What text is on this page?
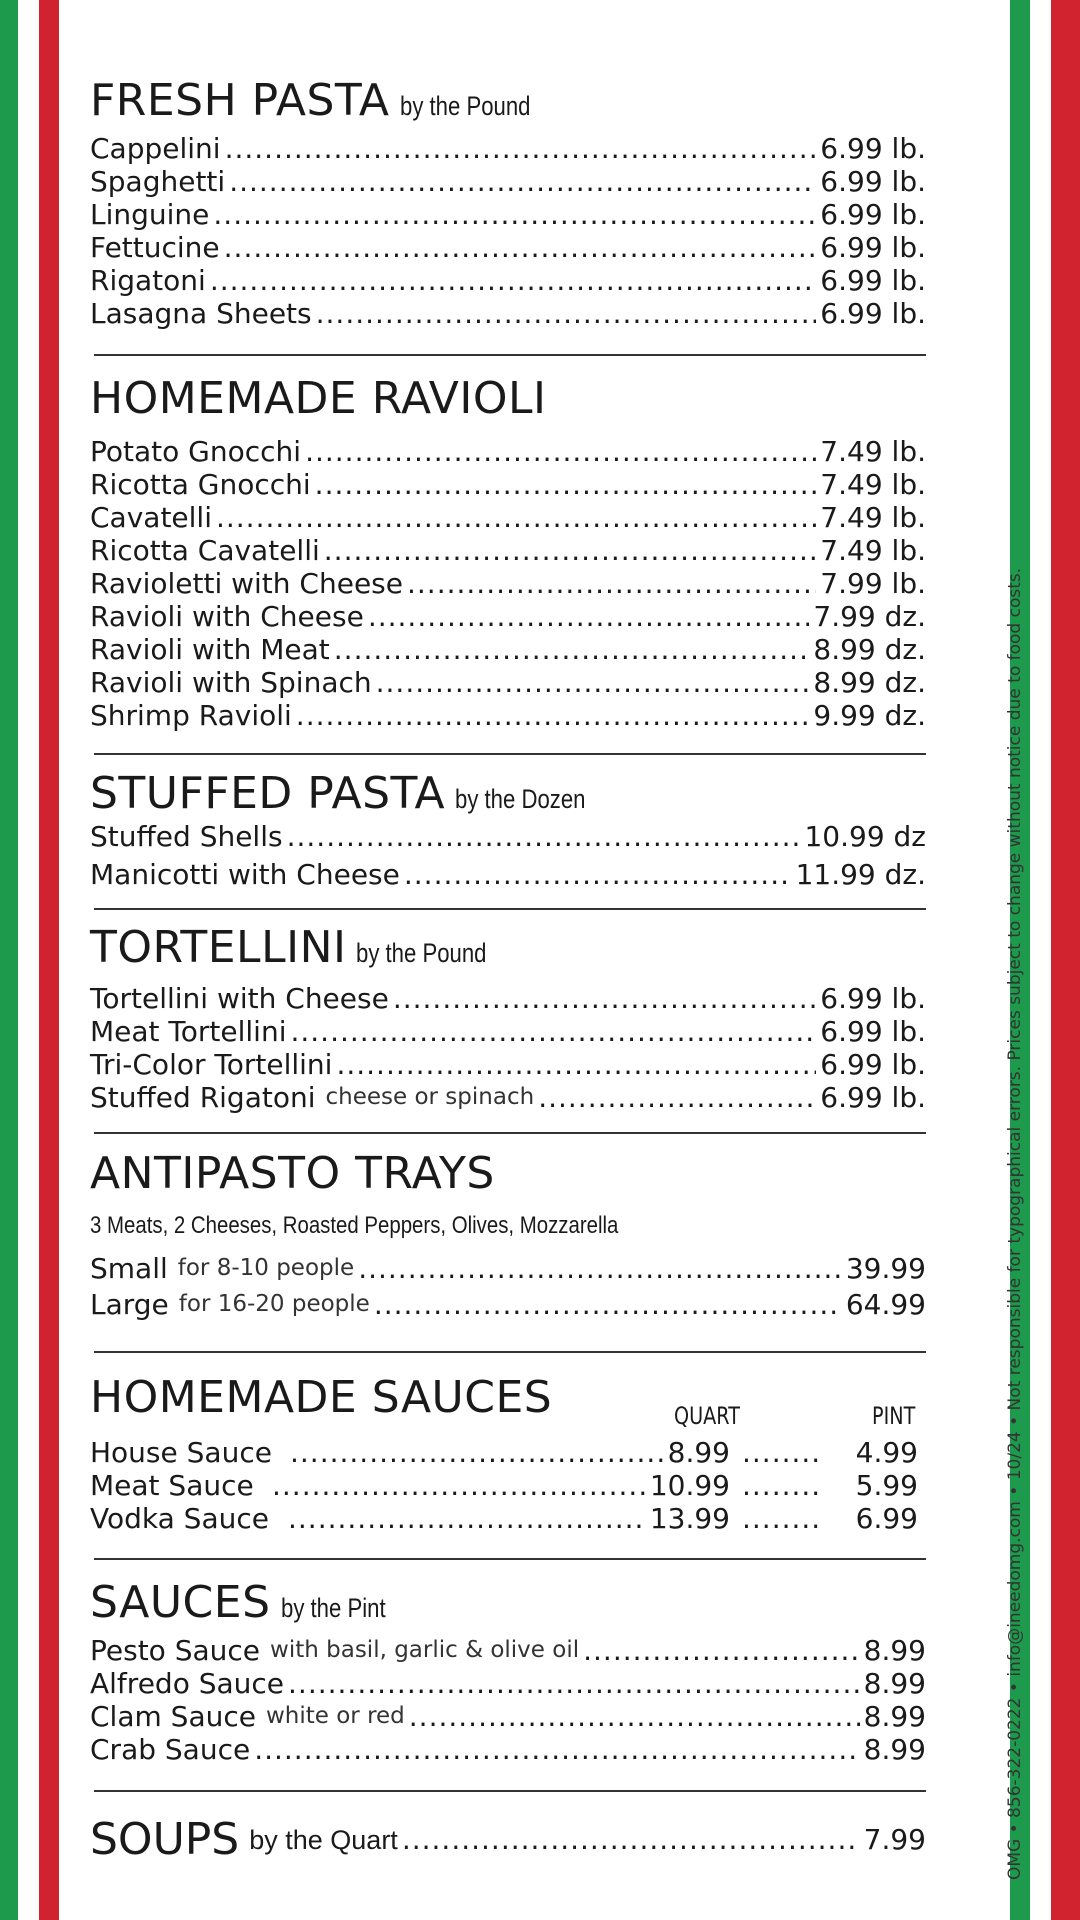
FRESH PASTA by the Pound
Cappelini .....	6.99 lb.
Spaghetti .....	6.99 lb.
Linguine .....	6.99 lb.
Fettucine .....	6.99 lb.
Rigatoni .....	6.99 lb.
Lasagna Sheets .....	6.99 lb.
HOMEMADE RAVIOLI
Potato Gnocchi .....	7.49 lb.
Ricotta Gnocchi .....	7.49 lb.
Cavatelli .....	7.49 lb.
Ricotta Cavatelli .....	7.49 lb.
Ravioletti with Cheese .....	7.99 lb.
Ravioli with Cheese .....	7.99 dz.
Ravioli with Meat .....	8.99 dz.
Ravioli with Spinach .....	8.99 dz.
Shrimp Ravioli .....	9.99 dz.
STUFFED PASTA by the Dozen
Stuffed Shells .....	10.99 dz
Manicotti with Cheese .....	11.99 dz.
TORTELLINI by the Pound
Tortellini with Cheese .....	6.99 lb.
Meat Tortellini .....	6.99 lb.
Tri-Color Tortellini .....	6.99 lb.
Stuffed Rigatoni cheese or spinach .....	6.99 lb.
ANTIPASTO TRAYS
3 Meats, 2 Cheeses, Roasted Peppers, Olives, Mozzarella
Small for 8-10 people .....	39.99
Large for 16-20 people .....	64.99
HOMEMADE SAUCES	QUART	PINT
House Sauce .....	8.99 .....	4.99
Meat Sauce .....	10.99 .....	5.99
Vodka Sauce .....	13.99 .....	6.99
SAUCES by the Pint
Pesto Sauce with basil, garlic & olive oil .....	8.99
Alfredo Sauce .....	8.99
Clam Sauce white or red .....	8.99
Crab Sauce .....	8.99
SOUPS by the Quart .....	7.99	OMG • 856-322-0222 • info@ineedomg.com • 10/24 • Not responsible for typographical errors. Prices subject to change without notice due to food costs.
